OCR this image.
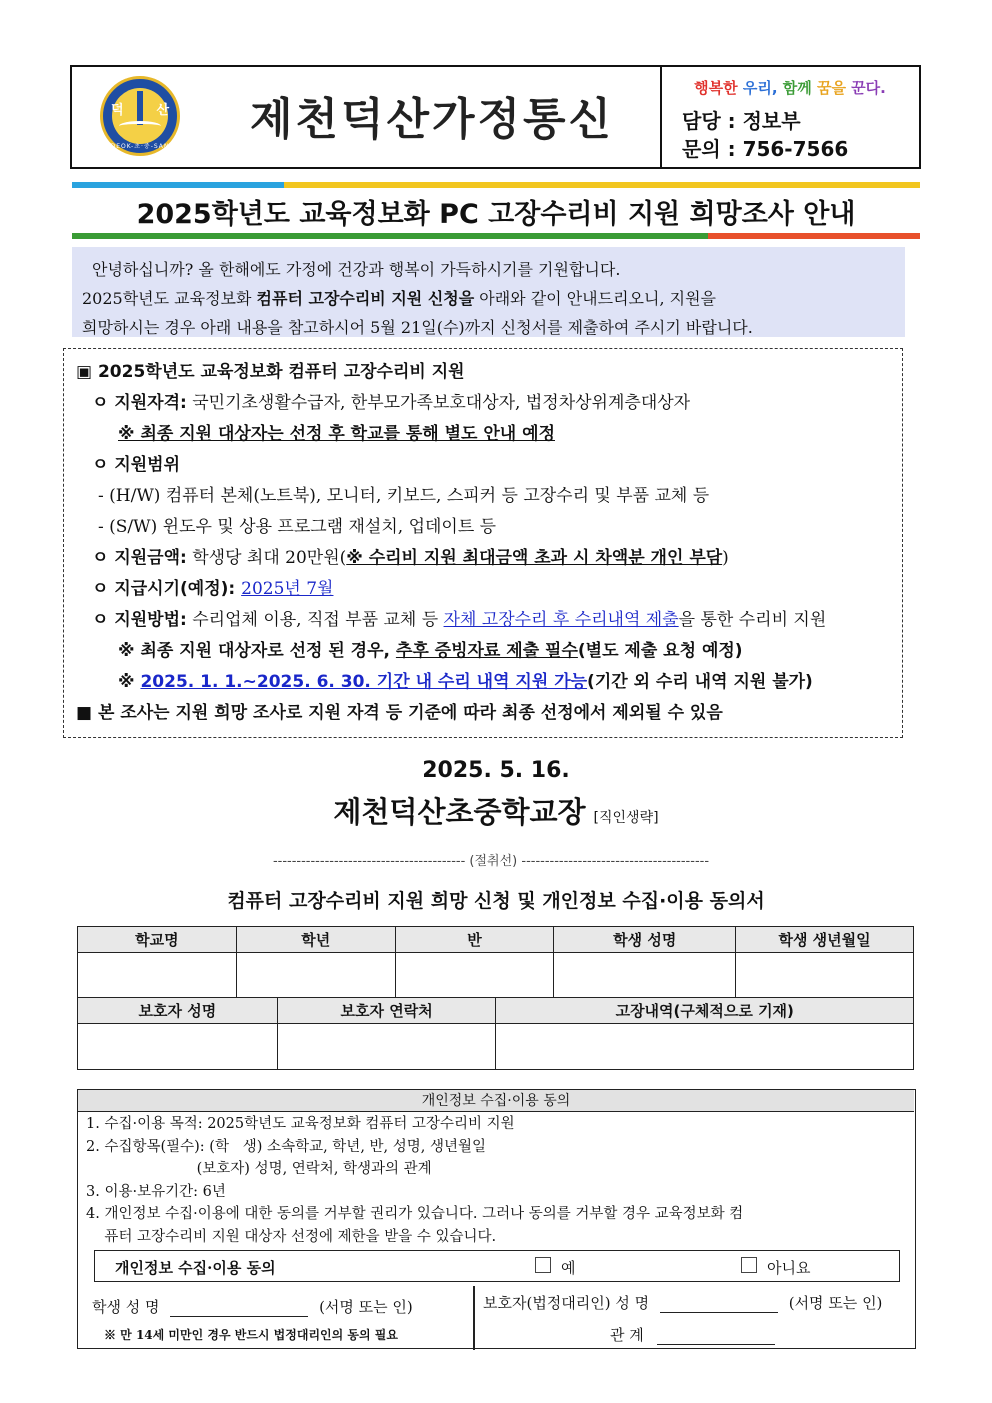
덕	산
DEOK-초·중-SAN
제천덕산가정통신
행복한 우리, 함께 꿈을 꾼다.
담당 : 정보부
문의 : 756-7566
2025학년도 교육정보화 PC 고장수리비 지원 희망조사 안내

안녕하십니까? 올 한해에도 가정에 건강과 행복이 가득하시기를 기원합니다.

2025학년도 교육정보화 컴퓨터 고장수리비 지원 신청을 아래와 같이 안내드리오니, 지원을

희망하시는 경우 아래 내용을 참고하시어 5월 21일(수)까지 신청서를 제출하여 주시기 바랍니다.

▣ 2025학년도 교육정보화 컴퓨터 고장수리비 지원
ㅇ 지원자격: 국민기초생활수급자, 한부모가족보호대상자, 법정차상위계층대상자
※ 최종 지원 대상자는 선정 후 학교를 통해 별도 안내 예정
ㅇ 지원범위
- (H/W) 컴퓨터 본체(노트북), 모니터, 키보드, 스피커 등 고장수리 및 부품 교체 등
- (S/W) 윈도우 및 상용 프로그램 재설치, 업데이트 등
ㅇ 지원금액: 학생당 최대 20만원(※ 수리비 지원 최대금액 초과 시 차액분 개인 부담)
ㅇ 지급시기(예정): 2025년 7월
ㅇ 지원방법: 수리업체 이용, 직접 부품 교체 등 자체 고장수리 후 수리내역 제출을 통한 수리비 지원
※ 최종 지원 대상자로 선정 된 경우, 추후 증빙자료 제출 필수(별도 제출 요청 예정)
※ 2025. 1. 1.~2025. 6. 30. 기간 내 수리 내역 지원 가능(기간 외 수리 내역 지원 불가)
■ 본 조사는 지원 희망 조사로 지원 자격 등 기준에 따라 최종 선정에서 제외될 수 있음
2025. 5. 16.
제천덕산초중학교장 [직인생략]
----------------------------------------- (절취선) ----------------------------------------
컴퓨터 고장수리비 지원 희망 신청 및 개인정보 수집·이용 동의서
학교명	학년	반	학생 성명	학생 생년월일

보호자 성명	보호자 연락처	고장내역(구체적으로 기재)

개인정보 수집·이용 동의
1. 수집·이용 목적: 2025학년도 교육정보화 컴퓨터 고장수리비 지원
2. 수집항목(필수): (학   생) 소속학교, 학년, 반, 성명, 생년월일
(보호자) 성명, 연락처, 학생과의 관계
3. 이용·보유기간: 6년
4. 개인정보 수집·이용에 대한 동의를 거부할 권리가 있습니다. 그러나 동의를 거부할 경우 교육정보화 컴
퓨터 고장수리비 지원 대상자 선정에 제한을 받을 수 있습니다.
개인정보 수집·이용 동의	예	아니요
학생 성 명	(서명 또는 인)
※ 만 14세 미만인 경우 반드시 법정대리인의 동의 필요
보호자(법정대리인) 성 명	(서명 또는 인)
관 계
